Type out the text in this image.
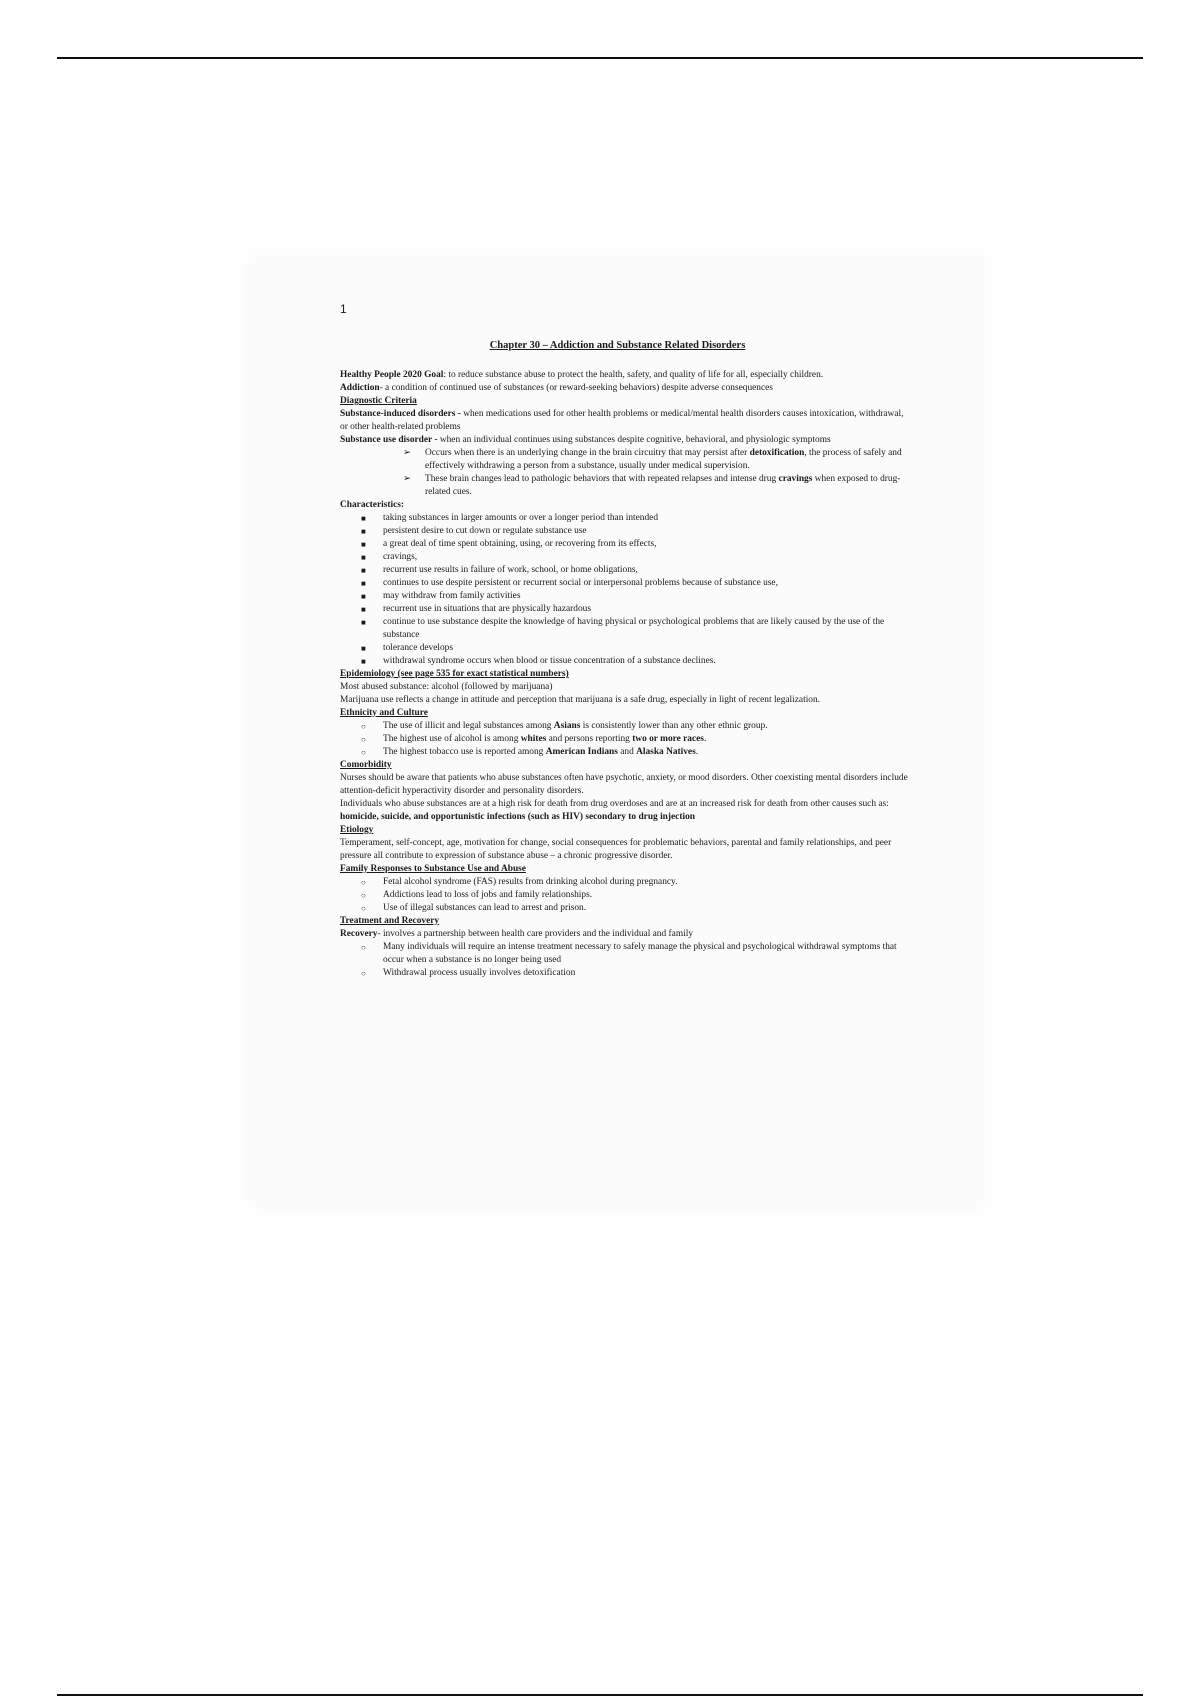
1
Chapter 30 – Addiction and Substance Related Disorders

Healthy People 2020 Goal: to reduce substance abuse to protect the health, safety, and quality of life for all, especially children.

Addiction- a condition of continued use of substances (or reward-seeking behaviors) despite adverse consequences

Diagnostic Criteria

Substance-induced disorders - when medications used for other health problems or medical/mental health disorders causes intoxication, withdrawal, or other health-related problems

Substance use disorder - when an individual continues using substances despite cognitive, behavioral, and physiologic symptoms

➢ Occurs when there is an underlying change in the brain circuitry that may persist after detoxification, the process of safely and effectively withdrawing a person from a substance, usually under medical supervision.
➢ These brain changes lead to pathologic behaviors that with repeated relapses and intense drug cravings when exposed to drug-related cues.

Characteristics:

■ taking substances in larger amounts or over a longer period than intended
■ persistent desire to cut down or regulate substance use
■ a great deal of time spent obtaining, using, or recovering from its effects,
■ cravings,
■ recurrent use results in failure of work, school, or home obligations,
■ continues to use despite persistent or recurrent social or interpersonal problems because of substance use,
■ may withdraw from family activities
■ recurrent use in situations that are physically hazardous
■ continue to use substance despite the knowledge of having physical or psychological problems that are likely caused by the use of the substance
■ tolerance develops
■ withdrawal syndrome occurs when blood or tissue concentration of a substance declines.

Epidemiology (see page 535 for exact statistical numbers)

Most abused substance: alcohol (followed by marijuana)

Marijuana use reflects a change in attitude and perception that marijuana is a safe drug, especially in light of recent legalization.

Ethnicity and Culture

○ The use of illicit and legal substances among Asians is consistently lower than any other ethnic group.
○ The highest use of alcohol is among whites and persons reporting two or more races.
○ The highest tobacco use is reported among American Indians and Alaska Natives.

Comorbidity

Nurses should be aware that patients who abuse substances often have psychotic, anxiety, or mood disorders. Other coexisting mental disorders include attention-deficit hyperactivity disorder and personality disorders.

Individuals who abuse substances are at a high risk for death from drug overdoses and are at an increased risk for death from other causes such as: homicide, suicide, and opportunistic infections (such as HIV) secondary to drug injection

Etiology

Temperament, self-concept, age, motivation for change, social consequences for problematic behaviors, parental and family relationships, and peer pressure all contribute to expression of substance abuse – a chronic progressive disorder.

Family Responses to Substance Use and Abuse

○ Fetal alcohol syndrome (FAS) results from drinking alcohol during pregnancy.
○ Addictions lead to loss of jobs and family relationships.
○ Use of illegal substances can lead to arrest and prison.

Treatment and Recovery

Recovery- involves a partnership between health care providers and the individual and family

○ Many individuals will require an intense treatment necessary to safely manage the physical and psychological withdrawal symptoms that occur when a substance is no longer being used
○ Withdrawal process usually involves detoxification
